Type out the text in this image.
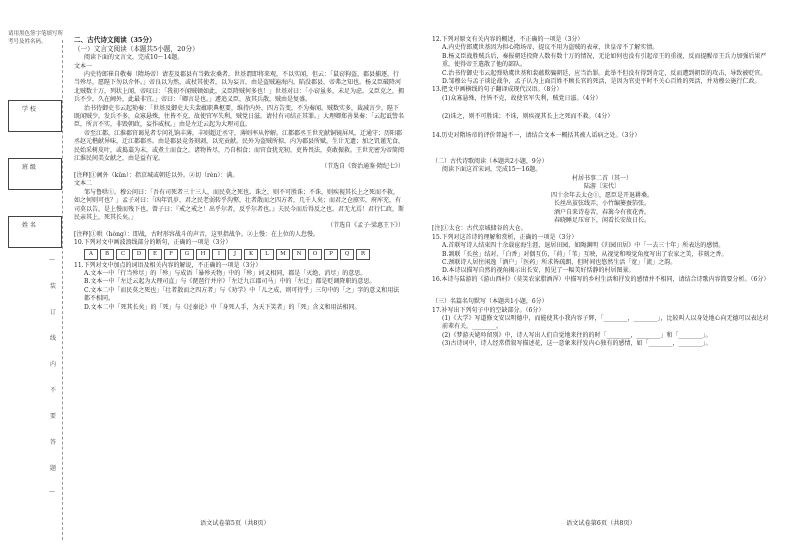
请用黑色签字笔填写所考号及姓名码。
学 校
班 级
姓 名
—
装
订
线
内
不
要
答
题
—

二、古代诗文阅读（35分）

（一）文言文阅读（本题共5小题，20分）

阅读下面的文言文，完成10～14题。

文本一

内史待郎崔自敬奏（隋场帝）请差及郡县有当敕农桑者，世基谓即将来观，不以实闻，但云：「鼠窃狗盗，郡县捕逐，行当殄尽，愿陛下勿以介怀。」帝良以为然，或杖其使者，以为妄言，由是盗贼遍海内，陷没郡县，帝弗之知也。杨义臣破降河北贼数十万，列状上闻，帝叹曰：「我初不闻贼顿如此，义臣降贼何多也！」世基对曰：「小窃虽多，未足为虑。义臣克之，拥兵不少，久在阃外，此最非宜。」帝曰：「卿言是也。」遽追义臣，放其兵散，贼由是复盛。

治书待御史韦云起劾奏：「世基及御史大夫裴蕴职典枢要，维持内外，四方告变，不为奏闻。贼数实多，裁减言少，陛下既闻贼少，发兵不多，众寡悬殊，往皆不克，故使官军失利，贼党日滋。请付有司结正其罪。」大理卿郑善果奏：「云起诋訾名臣，所言不实，非毁朝政，妄作威权。」由是左迁云起为大理司直。

帝至江都，江淮郡官谒见者专问礼饷丰薄，丰则超迁丞守，薄则率从停解。江都郡丞王世充献铜镜屏风，迁通守；历阳郡丞赵元楷献异味，迁江都郡丞。由是郡县竞务刻剥，以充贡献。民外为盗贼所掠，内为郡县所赋，生计无遗；加之饥谨无食，民始采树皮叶，或捣藁为末，或煮土而食之，诸物皆尽，乃自相食；而官食犹充牣，吏皆畏法，莫敢振救。王世充密为帝简阅江淮民间美女献之，由是益有宠。

（节选自《资治通鉴·隋纪七》）

[注释]①阃外（kǔn）：指京城或朝廷以外。②切（rèn）：满。

文本二

邹与鲁哄①。穆公问曰：「吾有司死者三十三人，而民莫之死也。诛之，则不可胜诛；不诛，则疾视其长上之死而不救，如之何则可也？」孟子对曰：「凶年饥岁，君之民老弱转乎沟壑，壮者散而之四方者，几千人矣；而君之仓廪实，府库充，有司莫以告，是上慢而残下也。曾子曰：『戒之戒之！出乎尔者，反乎尔者也。』夫民今而后得反之也。君无尤焉！君行仁政，斯民亲其上，死其长矣。」

（节选自《孟子·梁惠王下》）

[注释]①哄（hòng）：即战，古时形容战斗的声音，这里指战争。②上慢：在上位的人怠慢。

10.下列对文中画波浪线部分的断句，正确的一项是（3分）

A	B	C	D	E	F	G	H	I	J	K	L	M	N	O	P	Q	R

11.下列对文中加点的词语及相关内容的解说，不正确的一项是（3分）

A.文本一中「行当殄尽」的「殄」与成语「暴殄天物」中的「殄」词义相同，都是「灭绝、消尽」的意思。

B.文本一中「左迁云起为大理司直」与《琵琶行并序》「左迁九江郡司马」中的「左迁」都是贬调降职的意思。

C.文本二中「而民莫之死也」「壮者散而之四方者」与《劝学》中「儿之成，则可待乎」三句中的「之」字的意义和用法都不相同。

D.文本二中「死其长矣」的「死」与《过秦论》中「身死人手，为天下笑者」的「死」含义和用法相同。

语文试卷第5页（共8页）

12.下列对原文有关内容的概述，不正确的一项是（3分）

A.内史侍郎虞世基因为担心隋场帝，提议不用为盗贼的表章，世皇帝不了解实情。

B.杨义臣战胜贼兵后，奏报朝廷投降人数有数十万的情况，无论如何也没有引起帝王的重视，反而提醒帝王兵力加强后果严重，使得帝王遣散了他的部队。

C.治书侍御史韦云起弹劾虞世基和裴蕴欺骗朝廷，应当治罪。此举不但没有得到肯定，反而遭到朝臣的攻击，导致被贬官。

D.邹穆公与孟子谈论战争，孟子认为上面百姓不顾长官的死活，是因为官吏平时不关心百姓的死活，并劝穆公施行仁政。

13.把文中画横线的句子翻译成现代汉语。（8分）

(1)众寡悬殊，往皆不克，故使官军失利，贼党日滋。（4分）

(2)诛之，则不可胜诛；不诛，则疾视其长上之死而不救。（4分）

14.历史对隋场帝的评价普遍不一，请结合文本一概括其被人诟病之处。（3分）

（二）古代诗歌阅读（本题共2小题，9分）

阅读下面这首宋词，完成15～16题。

村居书事二首（其一）

陆游〔宋代〕

四十余年去太仓①，愿臣是开退耕桑。

长丝出茧弦线弄，小竹编篓蚕箔张。

酒户自来诗卷苦，春篱今有夜花香。

春晓睡足压帘下，闲看长安故日长。

[注]①太仓：古代京城储谷的大仓。

15.下列对这首诗的理解和赏析，正确的一项是（3分）

A.首联写诗人结束四十余载宦海生涯，退居田园，如陶渊明《归园田居》中「一去三十年」所表达的感情。

B.颔联「长丝」结对、「白香」对偶互仿，「荷」「苇」互映，从视觉和嗅觉角度写出了农家之美，非刻之香。

C.颈联诗人居住闲逸「酒户」「医药」所求皆疏朗，但时间也悠然生活「宽」「流」之韵。

D.本诗以描写自然的视角揭示出长安，照见了一幅美好恬静的村居图景。

16.本诗与陆游的《游山西村》（莫笑农家腊酒浑）中描写的乡村生活和抒发的感情并不相同，请结合诗歌内容简要分析。（6分）

（三）名篇名句默写（本题共1小题，6分）

17.补写出下列句子中的空缺部分。（6分）

(1)《大学》写道修文安以明德中，而能使其小我内容子辉，「________，________」，比较叫人以身处地心向无德可以表达对前辈有关，________。

(2)《梦游天姥吟留别》中，诗人写出人们自觉地来往的的时「________，________」和「________」。

(3)古诗词中，诗人经常借叙写描述花，这一意象来抒发内心独有的感情，如「________，________」。

语文试卷第6页（共8页）
